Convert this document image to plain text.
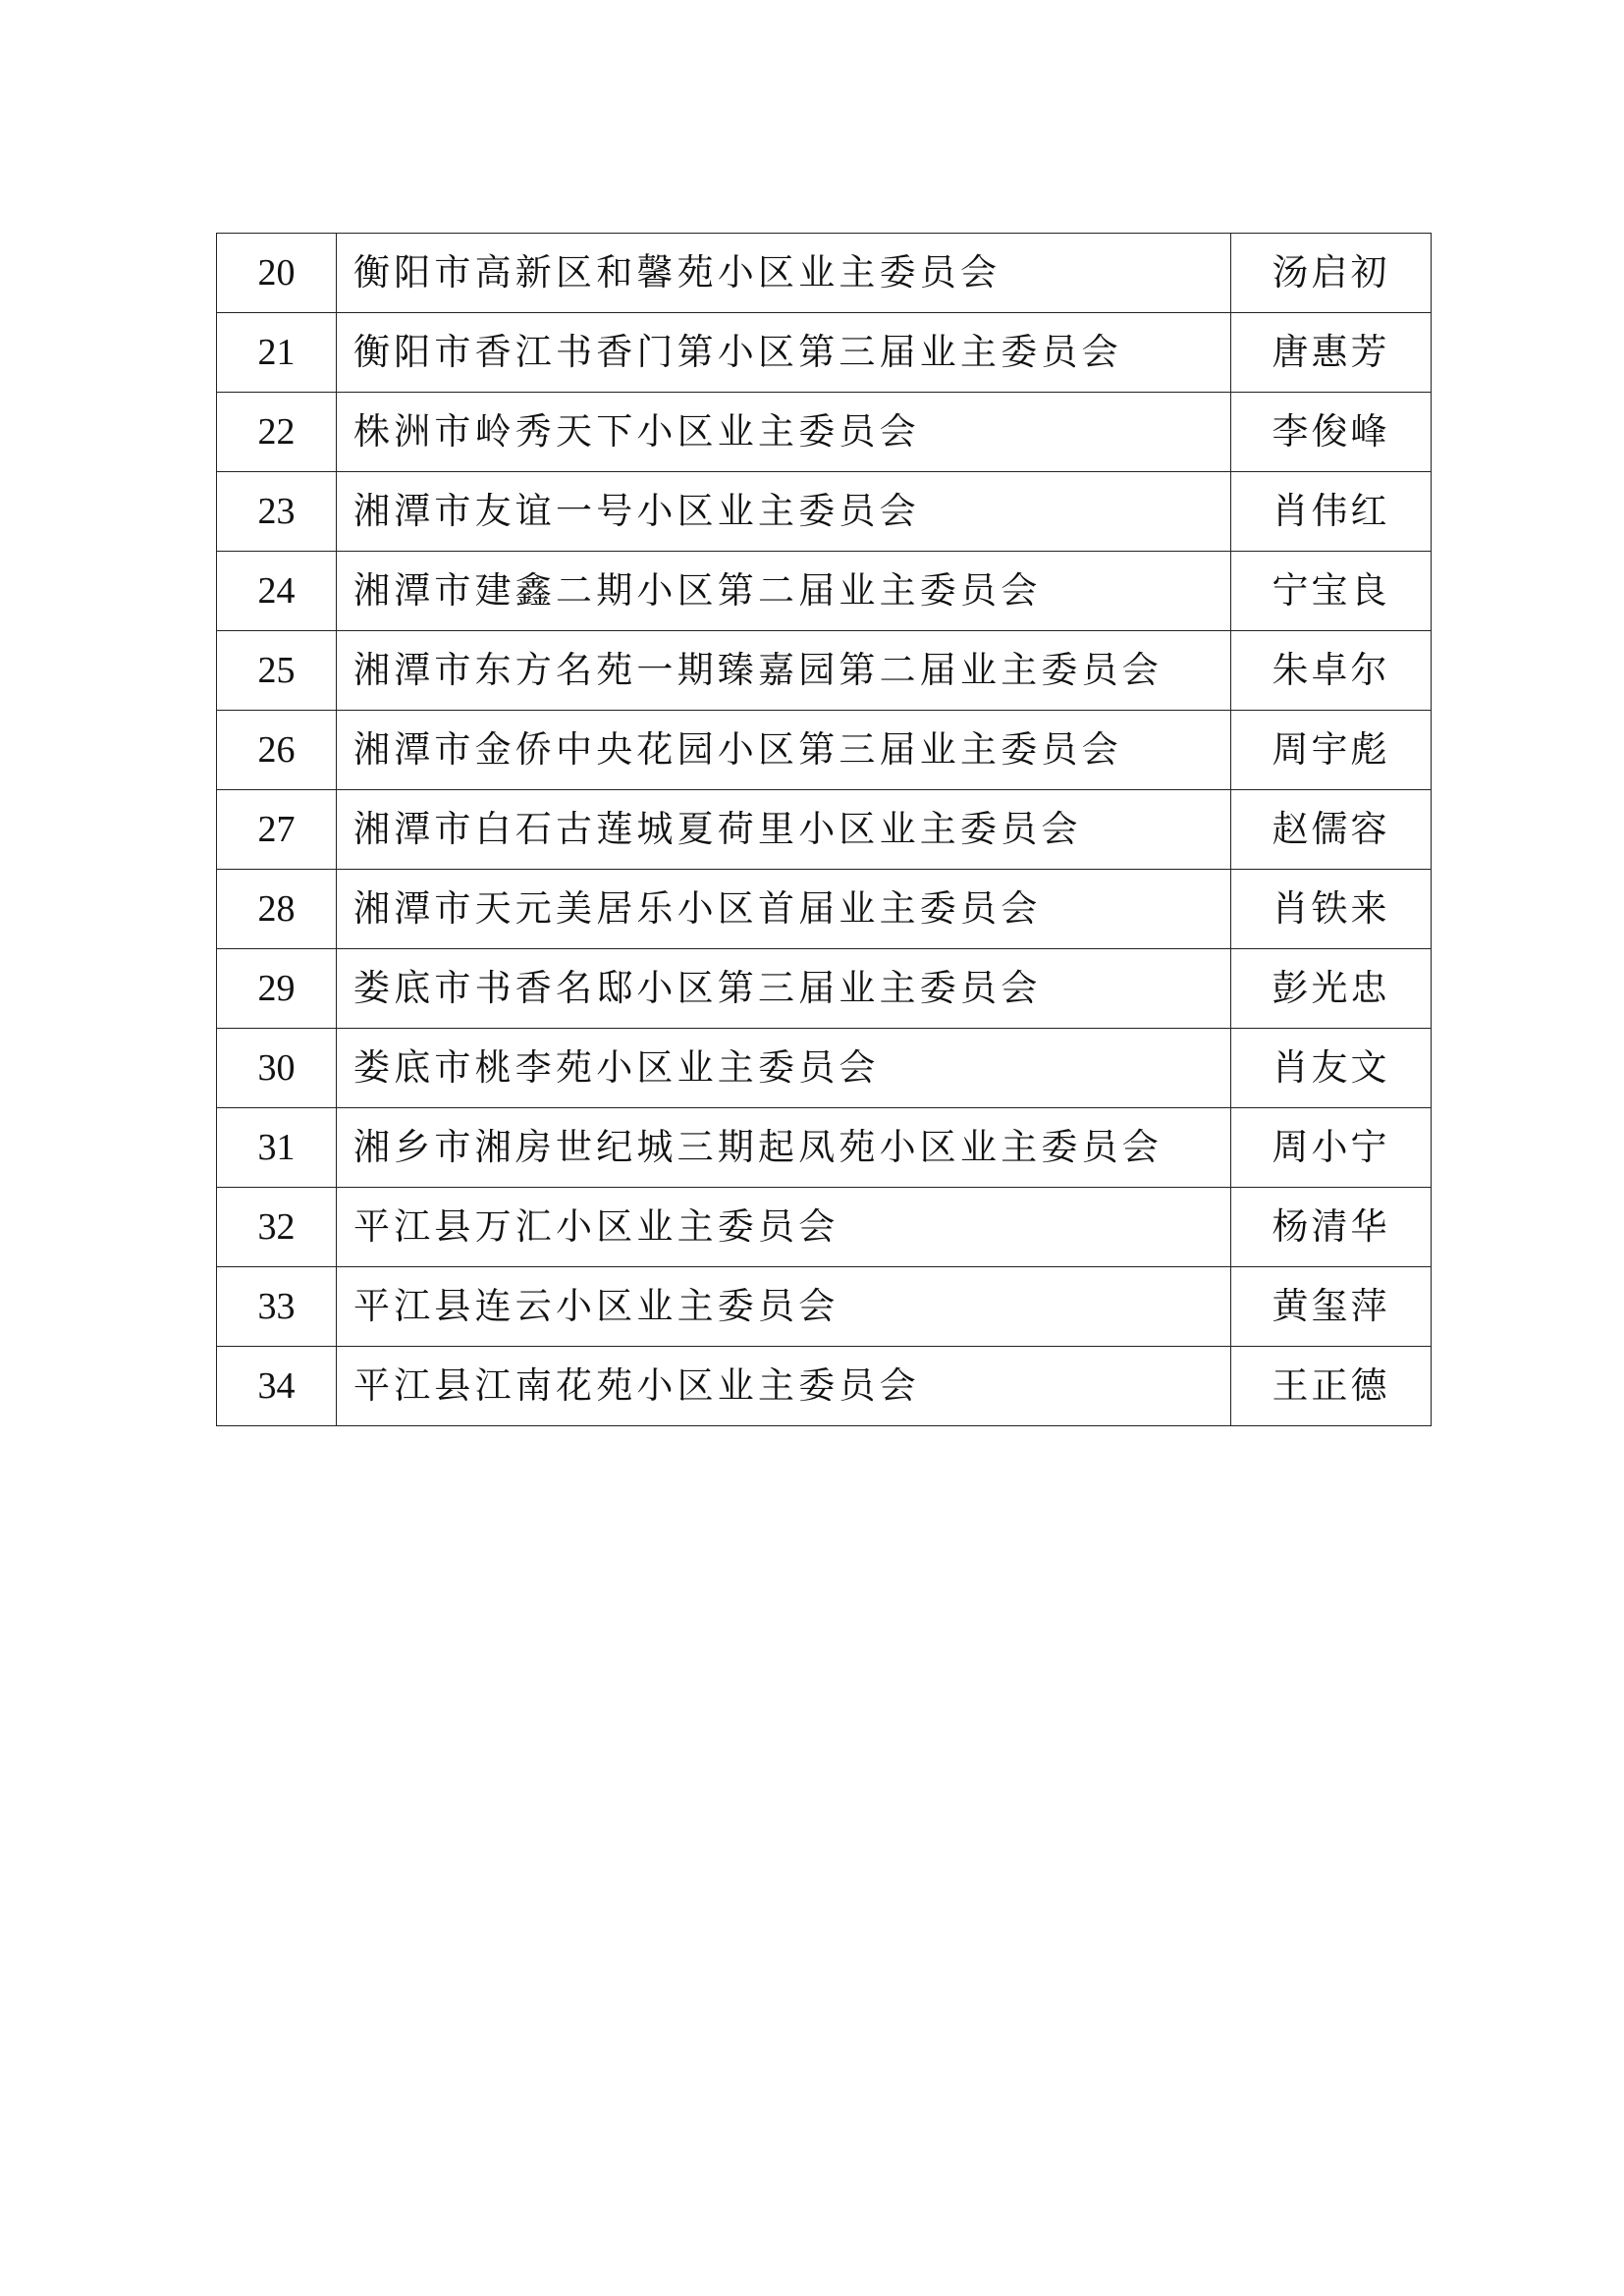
20	衡阳市高新区和馨苑小区业主委员会	汤启初
21	衡阳市香江书香门第小区第三届业主委员会	唐惠芳
22	株洲市岭秀天下小区业主委员会	李俊峰
23	湘潭市友谊一号小区业主委员会	肖伟红
24	湘潭市建鑫二期小区第二届业主委员会	宁宝良
25	湘潭市东方名苑一期臻嘉园第二届业主委员会	朱卓尔
26	湘潭市金侨中央花园小区第三届业主委员会	周宇彪
27	湘潭市白石古莲城夏荷里小区业主委员会	赵儒容
28	湘潭市天元美居乐小区首届业主委员会	肖铁来
29	娄底市书香名邸小区第三届业主委员会	彭光忠
30	娄底市桃李苑小区业主委员会	肖友文
31	湘乡市湘房世纪城三期起凤苑小区业主委员会	周小宁
32	平江县万汇小区业主委员会	杨清华
33	平江县连云小区业主委员会	黄玺萍
34	平江县江南花苑小区业主委员会	王正德
